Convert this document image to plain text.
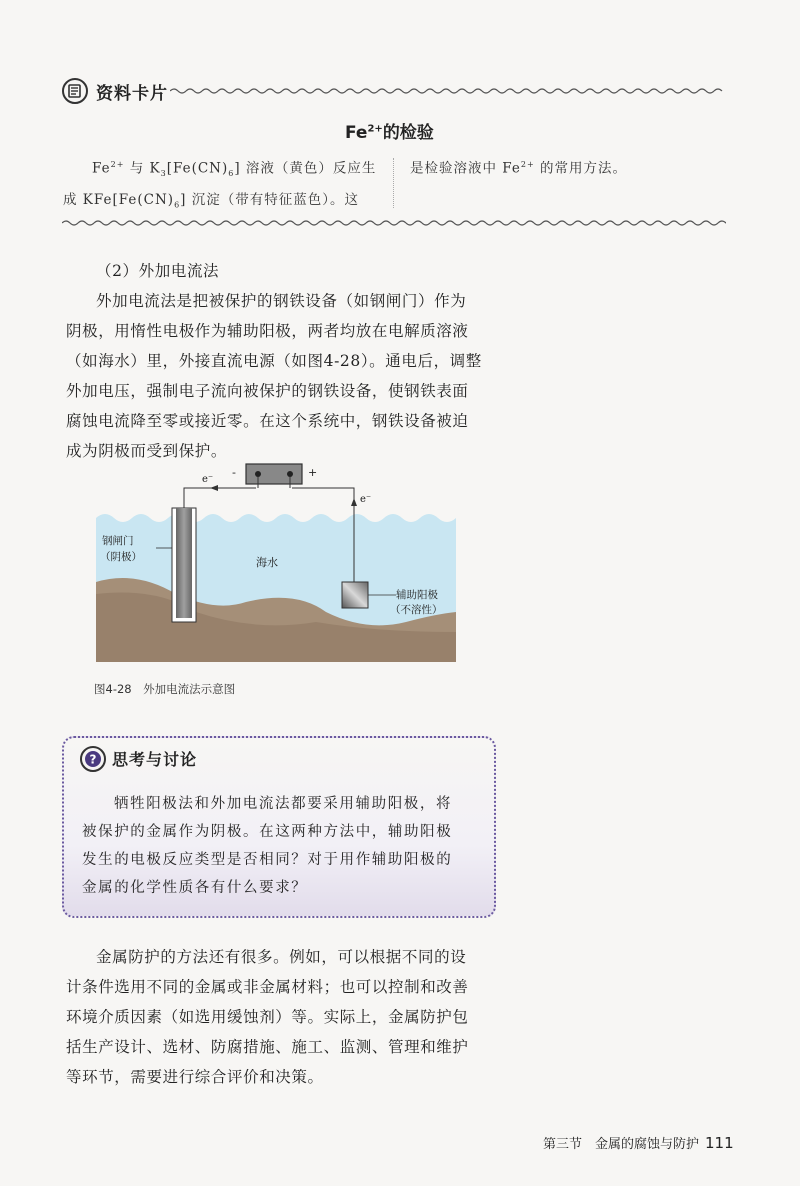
资料卡片
$Fe^{2+}$的检验
$Fe^{2+}$ 与 $K_3[Fe(CN)_6]$ 溶液（黄色）反应生
成 $KFe[Fe(CN)_6]$ 沉淀（带有特征蓝色）。这
是检验溶液中 $Fe^{2+}$ 的常用方法。
（2）外加电流法
外加电流法是把被保护的钢铁设备（如钢闸门）作为
阴极，用惰性电极作为辅助阳极，两者均放在电解质溶液
（如海水）里，外接直流电源（如图4-28）。通电后，调整
外加电压，强制电子流向被保护的钢铁设备，使钢铁表面
腐蚀电流降至零或接近零。在这个系统中，钢铁设备被迫
成为阴极而受到保护。
-	+
e⁻
e⁻
钢闸门
（阴极）	海水
辅助阳极
（不溶性）
图4-28　外加电流法示意图
? 思考与讨论
牺牲阳极法和外加电流法都要采用辅助阳极，将
被保护的金属作为阴极。在这两种方法中，辅助阳极
发生的电极反应类型是否相同？对于用作辅助阳极的
金属的化学性质各有什么要求？
金属防护的方法还有很多。例如，可以根据不同的设
计条件选用不同的金属或非金属材料；也可以控制和改善
环境介质因素（如选用缓蚀剂）等。实际上，金属防护包
括生产设计、选材、防腐措施、施工、监测、管理和维护
等环节，需要进行综合评价和决策。
第三节　金属的腐蚀与防护 111
